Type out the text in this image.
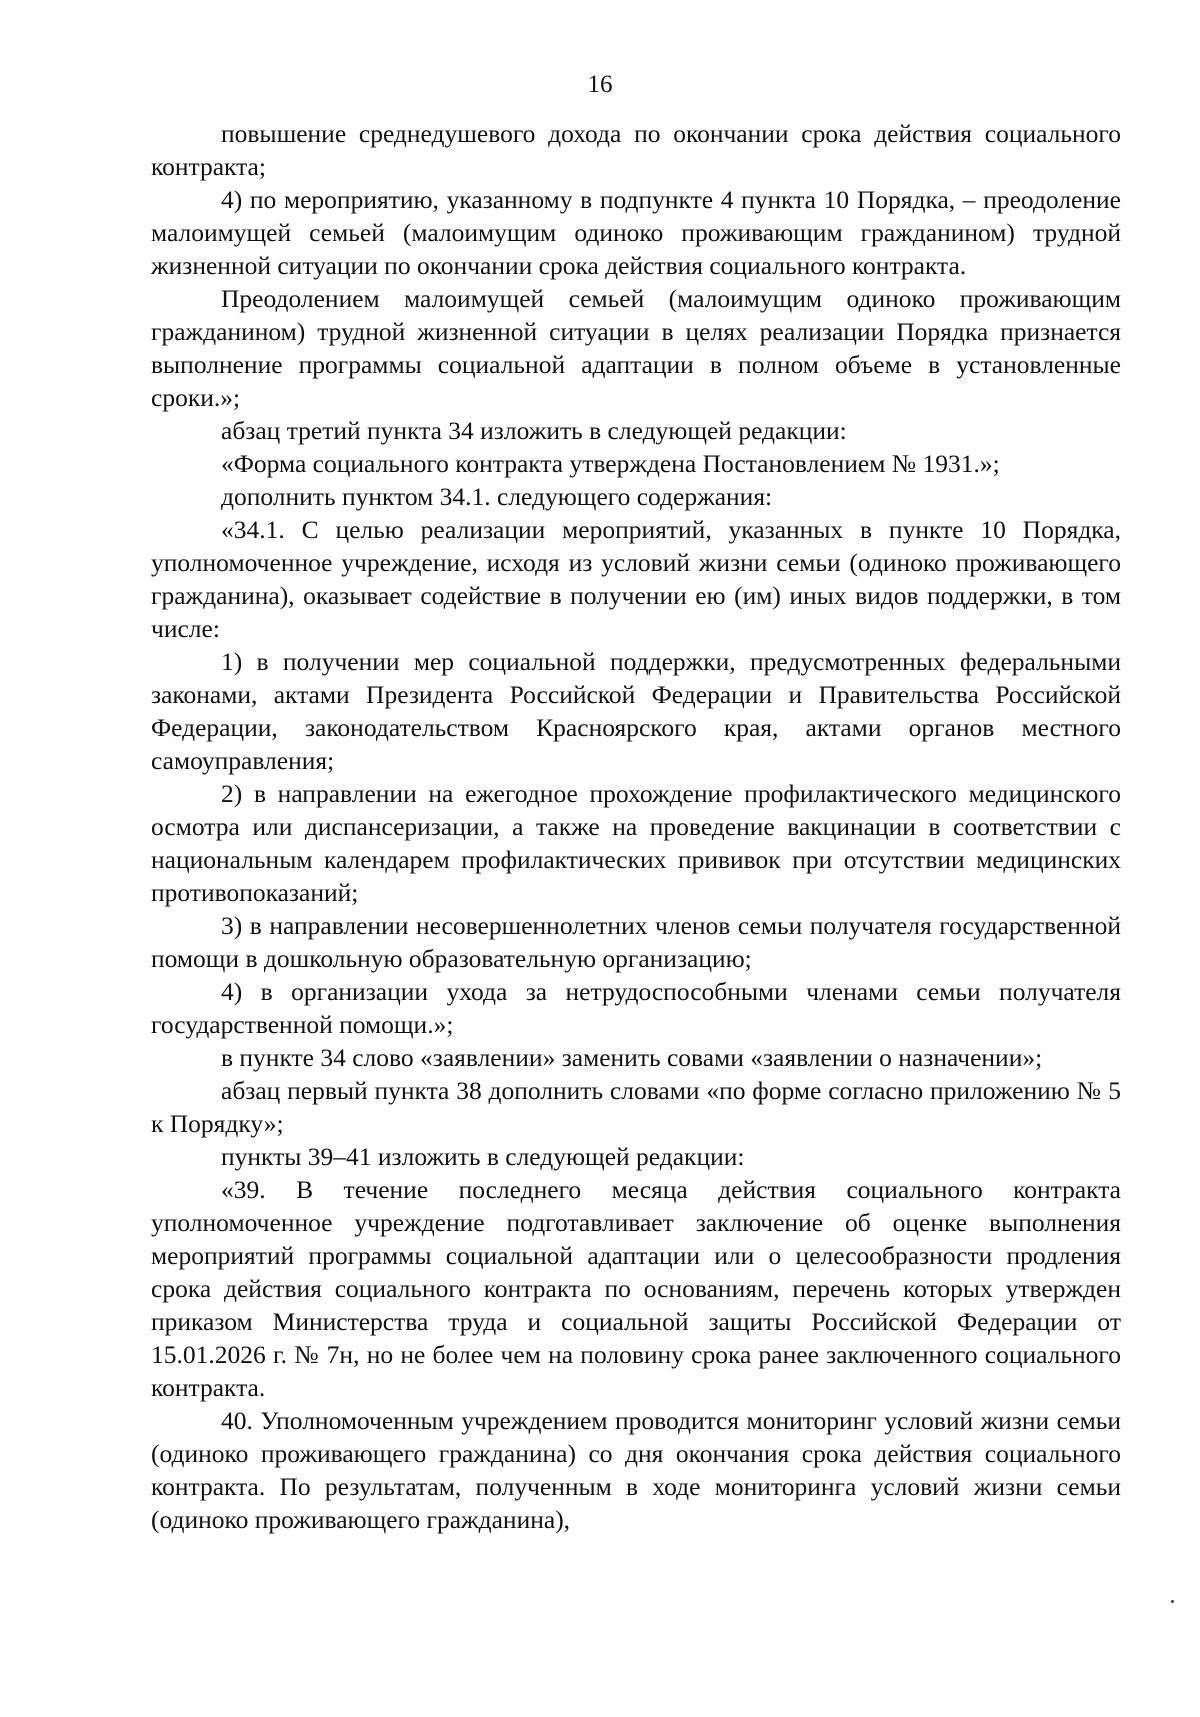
16

повышение среднедушевого дохода по окончании срока действия социального контракта;

4) по мероприятию, указанному в подпункте 4 пункта 10 Порядка, – преодоление малоимущей семьей (малоимущим одиноко проживающим гражданином) трудной жизненной ситуации по окончании срока действия социального контракта.

Преодолением малоимущей семьей (малоимущим одиноко проживающим гражданином) трудной жизненной ситуации в целях реализации Порядка признается выполнение программы социальной адаптации в полном объеме в установленные сроки.»;

абзац третий пункта 34 изложить в следующей редакции:

«Форма социального контракта утверждена Постановлением № 1931.»;

дополнить пунктом 34.1. следующего содержания:

«34.1. С целью реализации мероприятий, указанных в пункте 10 Порядка, уполномоченное учреждение, исходя из условий жизни семьи (одиноко проживающего гражданина), оказывает содействие в получении ею (им) иных видов поддержки, в том числе:

1) в получении мер социальной поддержки, предусмотренных федеральными законами, актами Президента Российской Федерации и Правительства Российской Федерации, законодательством Красноярского края, актами органов местного самоуправления;

2) в направлении на ежегодное прохождение профилактического медицинского осмотра или диспансеризации, а также на проведение вакцинации в соответствии с национальным календарем профилактических прививок при отсутствии медицинских противопоказаний;

3) в направлении несовершеннолетних членов семьи получателя государственной помощи в дошкольную образовательную организацию;

4) в организации ухода за нетрудоспособными членами семьи получателя государственной помощи.»;

в пункте 34 слово «заявлении» заменить совами «заявлении о назначении»;

абзац первый пункта 38 дополнить словами «по форме согласно приложению № 5 к Порядку»;

пункты 39–41 изложить в следующей редакции:

«39. В течение последнего месяца действия социального контракта уполномоченное учреждение подготавливает заключение об оценке выполнения мероприятий программы социальной адаптации или о целесообразности продления срока действия социального контракта по основаниям, перечень которых утвержден приказом Министерства труда и социальной защиты Российской Федерации от 15.01.2026 г. № 7н, но не более чем на половину срока ранее заключенного социального контракта.

40. Уполномоченным учреждением проводится мониторинг условий жизни семьи (одиноко проживающего гражданина) со дня окончания срока действия социального контракта. По результатам, полученным в ходе мониторинга условий жизни семьи (одиноко проживающего гражданина),
